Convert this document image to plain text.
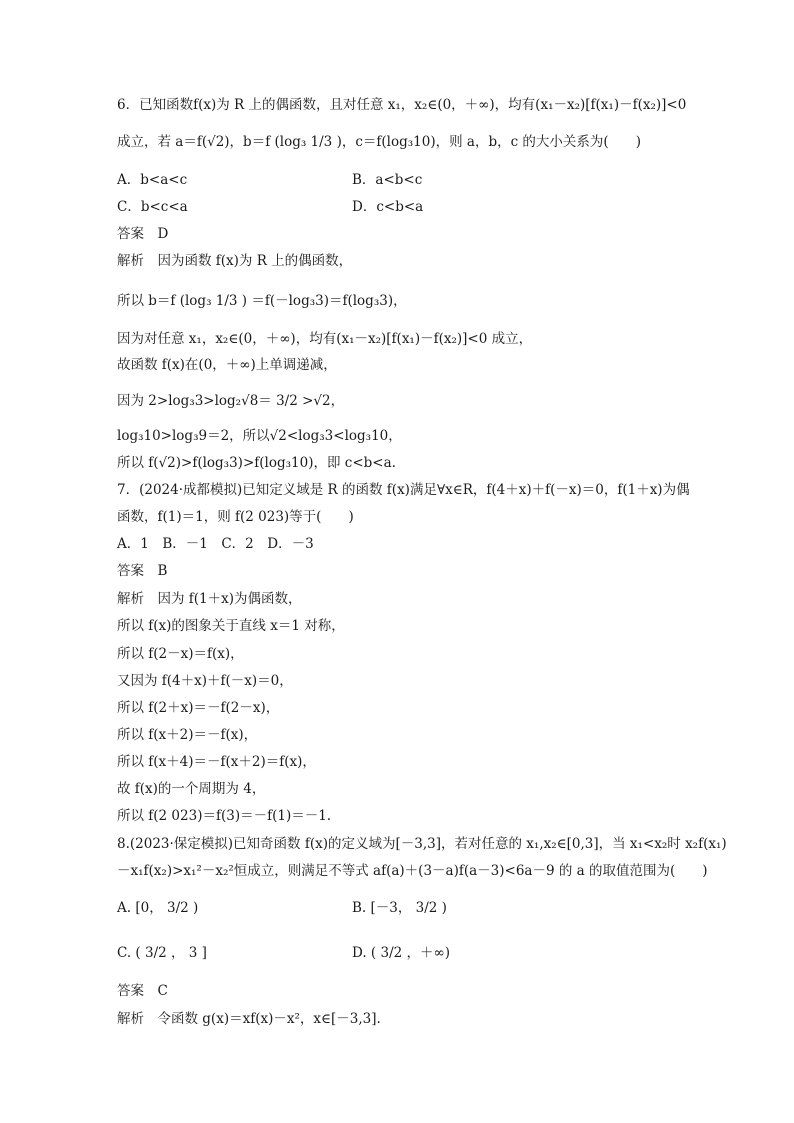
6．已知函数f(x)为 R 上的偶函数，且对任意 x₁，x₂∈(0，＋∞)，均有(x₁－x₂)[f(x₁)－f(x₂)]<0
成立，若 a＝f(√2)，b＝f (log₃ 1/3 )，c＝f(log₃10)，则 a，b，c 的大小关系为(　　)
A．b<a<c	B．a<b<c
C．b<c<a	D．c<b<a
答案　D
解析　因为函数 f(x)为 R 上的偶函数，
所以 b＝f (log₃ 1/3 ) ＝f(－log₃3)＝f(log₃3)，
因为对任意 x₁，x₂∈(0，＋∞)，均有(x₁－x₂)[f(x₁)－f(x₂)]<0 成立，
故函数 f(x)在(0，＋∞)上单调递减，
因为 2>log₃3>log₂√8＝ 3/2 >√2，
log₃10>log₃9＝2，所以√2<log₃3<log₃10，
所以 f(√2)>f(log₃3)>f(log₃10)，即 c<b<a.
7．(2024·成都模拟)已知定义域是 R 的函数 f(x)满足∀x∈R，f(4＋x)＋f(－x)＝0，f(1＋x)为偶
函数，f(1)＝1，则 f(2 023)等于(　　)
A．1　B．－1　C．2　D．－3
答案　B
解析　因为 f(1＋x)为偶函数，
所以 f(x)的图象关于直线 x＝1 对称，
所以 f(2－x)＝f(x)，
又因为 f(4＋x)＋f(－x)＝0，
所以 f(2＋x)＝－f(2－x)，
所以 f(x＋2)＝－f(x)，
所以 f(x＋4)＝－f(x＋2)＝f(x)，
故 f(x)的一个周期为 4，
所以 f(2 023)＝f(3)＝－f(1)＝－1.
8.(2023·保定模拟)已知奇函数 f(x)的定义域为[－3,3]，若对任意的 x₁,x₂∈[0,3]，当 x₁<x₂时 x₂f(x₁)
－x₁f(x₂)>x₁²－x₂²恒成立，则满足不等式 af(a)＋(3－a)f(a－3)<6a－9 的 a 的取值范围为(　　)
A. [0， 3/2 )	B. [－3， 3/2 )
C. ( 3/2 ， 3 ]	D. ( 3/2 ，＋∞)
答案　C
解析　令函数 g(x)＝xf(x)－x²，x∈[－3,3].
